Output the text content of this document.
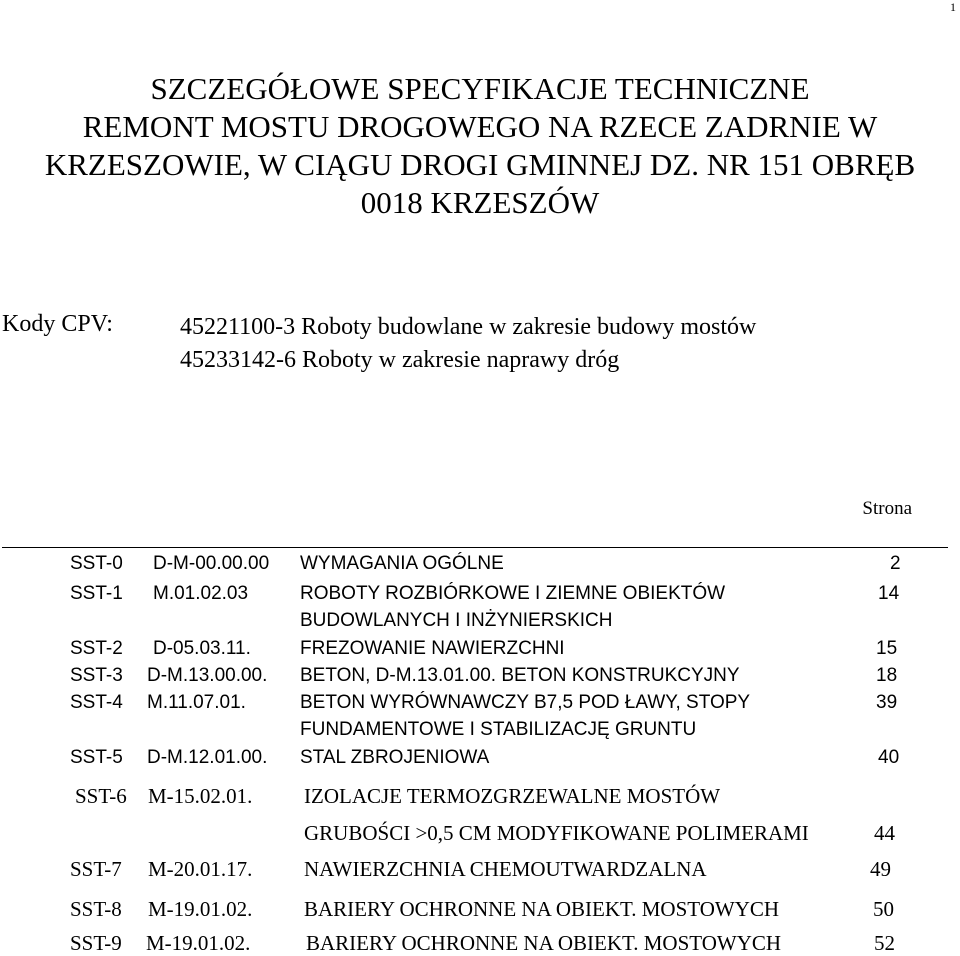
1
SZCZEGÓŁOWE SPECYFIKACJE TECHNICZNE
REMONT MOSTU DROGOWEGO NA RZECE ZADRNIE W
KRZESZOWIE, W CIĄGU DROGI GMINNEJ DZ. NR 151 OBRĘB
0018 KRZESZÓW
Kody CPV:	45221100-3 Roboty budowlane w zakresie budowy mostów
45233142-6 Roboty w zakresie naprawy dróg
Strona
SST-0 D-M-00.00.00 WYMAGANIA OGÓLNE	2
SST-1 M.01.02.03	ROBOTY ROZBIÓRKOWE I ZIEMNE OBIEKTÓW	14
BUDOWLANYCH I INŻYNIERSKICH
SST-2 D-05.03.11.	FREZOWANIE NAWIERZCHNI	15
SST-3 D-M.13.00.00. BETON, D-M.13.01.00. BETON KONSTRUKCYJNY	18
SST-4 M.11.07.01.	BETON WYRÓWNAWCZY B7,5 POD ŁAWY, STOPY	39
FUNDAMENTOWE I STABILIZACJĘ GRUNTU
SST-5 D-M.12.01.00. STAL ZBROJENIOWA	40
SST-6 M-15.02.01. IZOLACJE TERMOZGRZEWALNE MOSTÓW
GRUBOŚCI >0,5 CM MODYFIKOWANE POLIMERAMI	44
SST-7 M-20.01.17. NAWIERZCHNIA CHEMOUTWARDZALNA	49
SST-8 M-19.01.02. BARIERY OCHRONNE NA OBIEKT. MOSTOWYCH	50
SST-9 M-19.01.02.	BARIERY OCHRONNE NA OBIEKT. MOSTOWYCH	52
